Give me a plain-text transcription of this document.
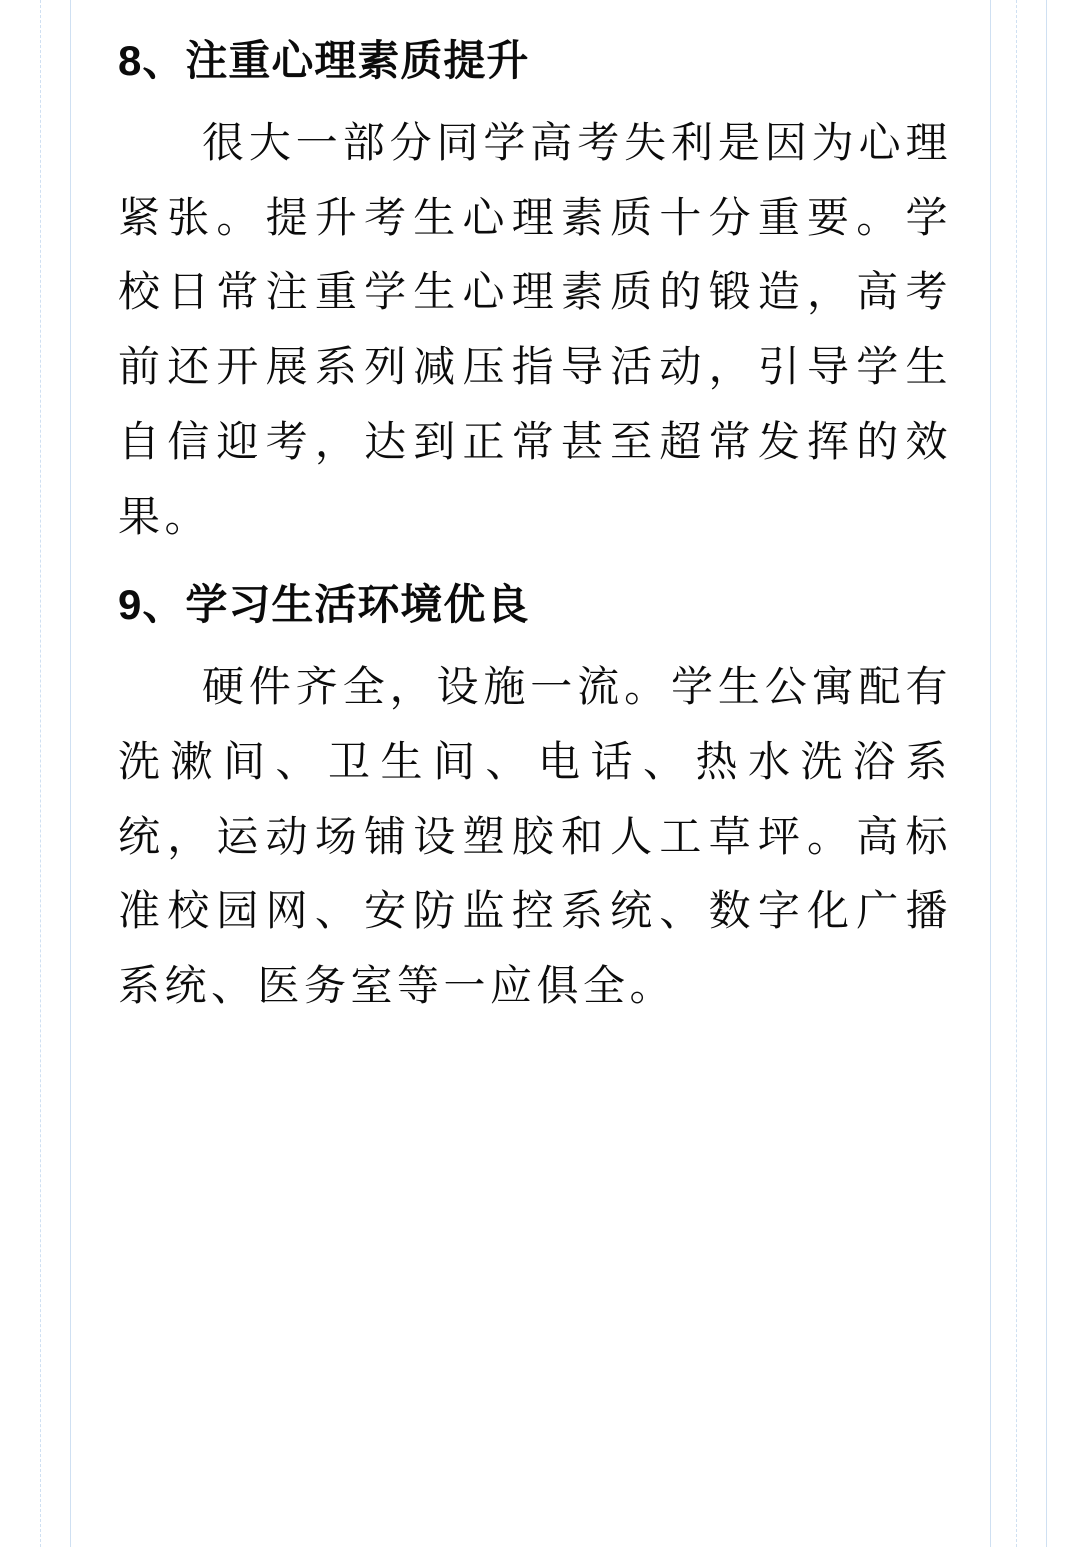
8、注重心理素质提升

很大一部分同学高考失利是因为心理紧张。提升考生心理素质十分重要。学校日常注重学生心理素质的锻造，高考前还开展系列减压指导活动，引导学生自信迎考，达到正常甚至超常发挥的效果。

9、学习生活环境优良

硬件齐全，设施一流。学生公寓配有洗漱间、卫生间、电话、热水洗浴系统，运动场铺设塑胶和人工草坪。高标准校园网、安防监控系统、数字化广播系统、医务室等一应俱全。
